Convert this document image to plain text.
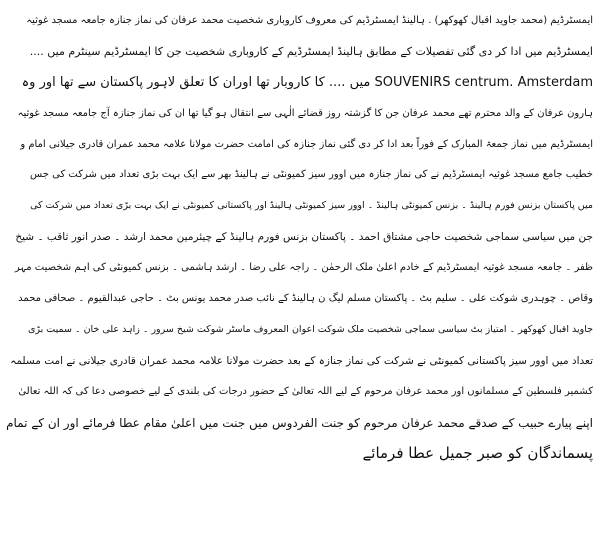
ایمسٹرڈیم (محمد جاوید اقبال کھوکھر) . ہالینڈ ایمسٹرڈیم کی معروف کاروباری شخصیت محمد عرفان کی نماز جنازہ جامعہ مسجد غوثیہ
ایمسٹرڈیم میں ادا کر دی گئی تفصیلات کے مطابق ہالینڈ ایمسٹرڈیم کے کاروباری شخصیت جن کا ایمسٹرڈیم سینٹرم میں ....
SOUVENIRS centrum. Amsterdam میں .... کا کاروبار تھا اوران کا تعلق لاہور پاکستان سے تھا اور وہ
ہارون عرفان کے والد محترم تھے محمد عرفان جن کا گزشتہ روز قضائے الٰہی سے انتقال ہو گیا تھا ان کی نماز جنازہ آج جامعہ مسجد غوثیہ
ایمسٹرڈیم میں نماز جمعۃ المبارک کے فوراً بعد ادا کر دی گئی نماز جنازہ کی امامت حضرت مولانا علامہ محمد عمران قادری جیلانی امام و
خطیب جامع مسجد غوثیہ ایمسٹرڈیم نے کی نماز جنازہ میں اوور سیز کمیونٹی نے ہالینڈ بھر سے ایک بہت بڑی تعداد میں شرکت کی جس
میں پاکستان بزنس فورم ہالینڈ ۔ بزنس کمیونٹی ہالینڈ ۔ اوور سیز کمیونٹی ہالینڈ اور پاکستانی کمیونٹی نے ایک بہت بڑی تعداد میں شرکت کی
جن میں سیاسی سماجی شخصیت حاجی مشتاق احمد ۔ پاکستان بزنس فورم ہالینڈ کے چیئرمین محمد ارشد ۔ صدر انور ثاقب ۔ شیخ
ظفر ۔ جامعہ مسجد غوثیہ ایمسٹرڈیم کے خادم اعلیٰ ملک الرحمٰن ۔ راجہ علی رضا ۔ ارشد ہاشمی ۔ بزنس کمیونٹی کی اہم شخصیت مہر
وقاص ۔ چوہدری شوکت علی ۔ سلیم بٹ ۔ پاکستان مسلم لیگ ن ہالینڈ کے نائب صدر محمد یونس بٹ ۔ حاجی عبدالقیوم ۔ صحافی محمد
جاوید اقبال کھوکھر ۔ امتیاز بٹ سیاسی سماجی شخصیت ملک شوکت اعوان المعروف ماسٹر شوکت شیخ سرور ۔ زاہد علی خان ۔ سمیت بڑی
تعداد میں اوور سیز پاکستانی کمیونٹی نے شرکت کی نماز جنازہ کے بعد حضرت مولانا علامہ محمد عمران قادری جیلانی نے امت مسلمہ
کشمیر فلسطین کے مسلمانوں اور محمد عرفان مرحوم کے لیے اللہ تعالیٰ کے حضور درجات کی بلندی کے لیے خصوصی دعا کی کہ اللہ تعالیٰ
اپنے پیارے حبیب کے صدقے محمد عرفان مرحوم کو جنت الفردوس میں جنت میں اعلیٰ مقام عطا فرمائے اور ان کے تمام
پسماندگان کو صبر جمیل عطا فرمائے
